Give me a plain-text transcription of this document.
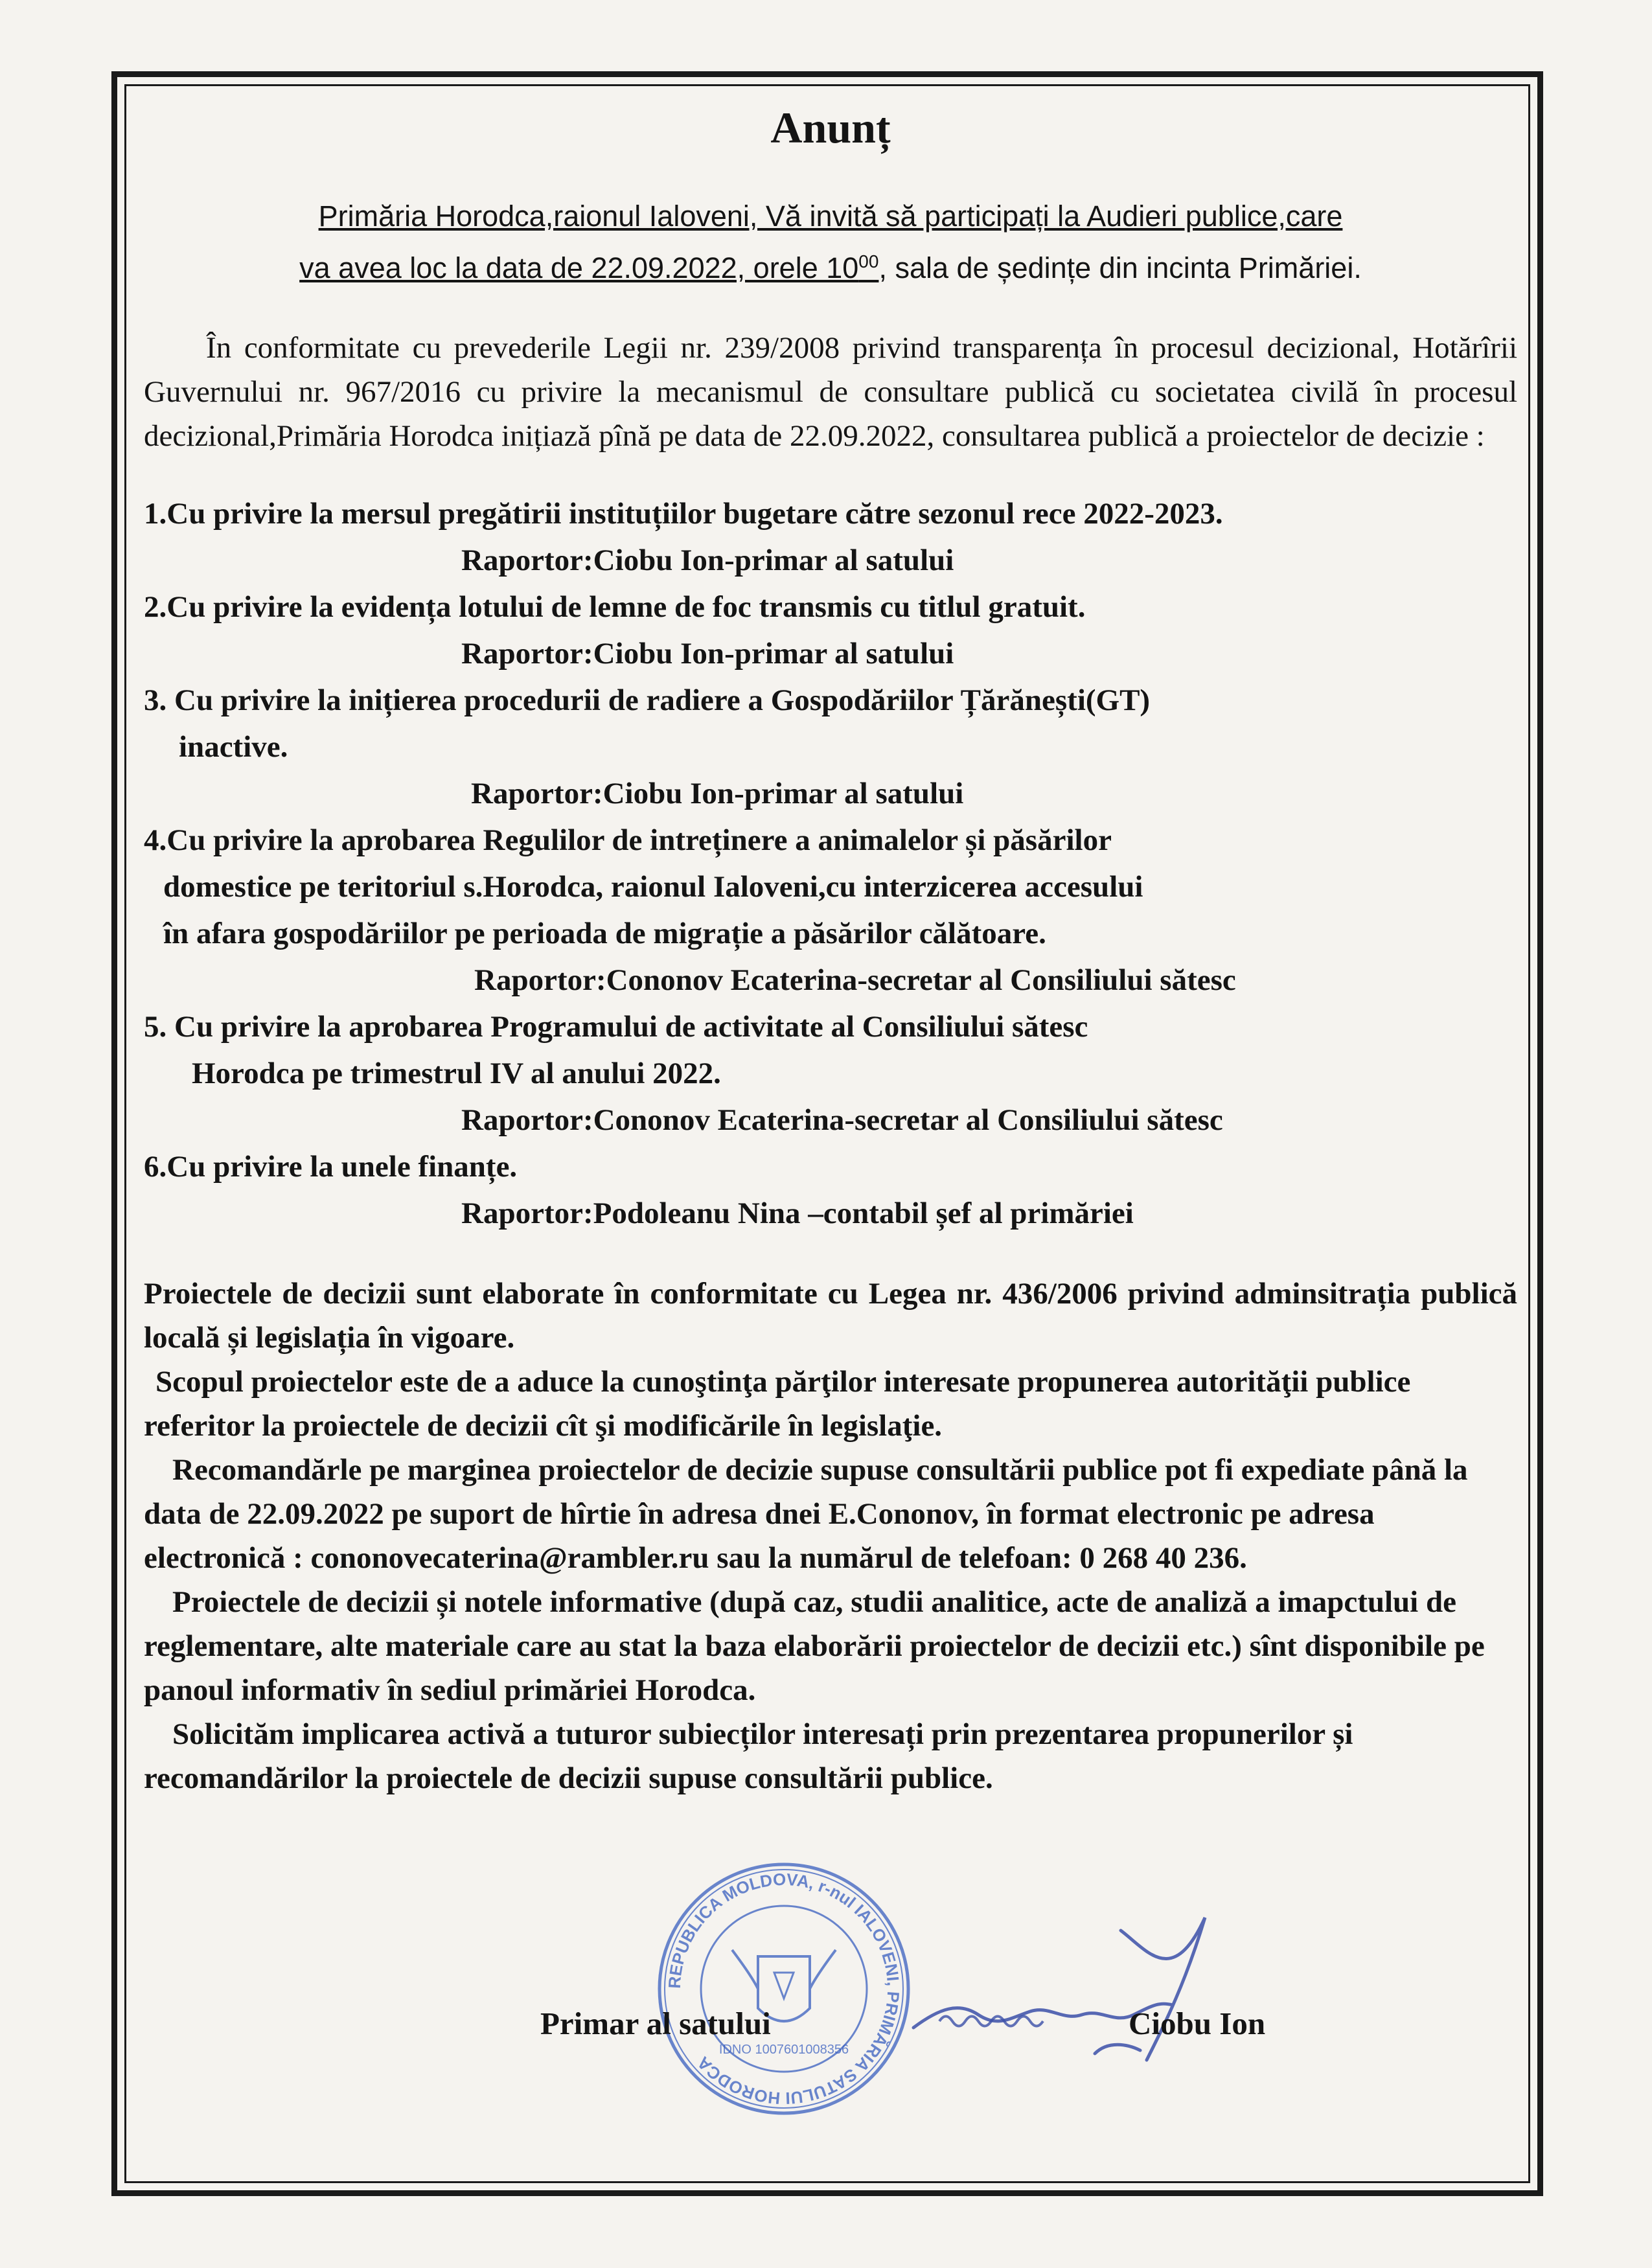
Anunț
Primăria Horodca,raionul Ialoveni, Vă invită să participați la Audieri publice,care
va avea loc la data de 22.09.2022, orele $10^{00}$, sala de ședințe din incinta Primăriei.

În conformitate cu prevederile Legii nr. 239/2008 privind transparența în procesul decizional, Hotărîrii Guvernului nr. 967/2016 cu privire la mecanismul de consultare publică cu societatea civilă în procesul decizional,Primăria Horodca inițiază pînă pe data de 22.09.2022, consultarea publică a proiectelor de decizie :

1.Cu privire la mersul pregătirii instituțiilor bugetare către sezonul rece 2022-2023.

Raportor:Ciobu Ion-primar al satului

2.Cu privire la evidența lotului de lemne de foc transmis cu titlul gratuit.

Raportor:Ciobu Ion-primar al satului

3. Cu privire la inițierea procedurii de radiere a Gospodăriilor Țărănești(GT)
inactive.

Raportor:Ciobu Ion-primar al satului

4.Cu privire la aprobarea Regulilor de intreținere a animalelor și păsărilor
domestice pe teritoriul s.Horodca, raionul Ialoveni,cu interzicerea accesului
în afara gospodăriilor pe perioada de migrație a păsărilor călătoare.

Raportor:Cononov Ecaterina-secretar al Consiliului sătesc

5. Cu privire la aprobarea Programului de activitate al Consiliului sătesc
Horodca pe trimestrul IV al anului 2022.

Raportor:Cononov Ecaterina-secretar al Consiliului sătesc

6.Cu privire la unele finanțe.

Raportor:Podoleanu Nina –contabil șef al primăriei

Proiectele de decizii sunt elaborate în conformitate cu Legea nr. 436/2006 privind adminsitrația publică locală și legislația în vigoare.

Scopul proiectelor este de a aduce la cunoştinţa părţilor interesate propunerea autorităţii publice referitor la proiectele de decizii cît şi modificările în legislaţie.

Recomandărle pe marginea proiectelor de decizie supuse consultării publice pot fi expediate până la data de 22.09.2022 pe suport de hîrtie în adresa dnei E.Cononov, în format electronic pe adresa electronică : cononovecaterina@rambler.ru sau la numărul de telefoan: 0 268 40 236.

Proiectele de decizii și notele informative (după caz, studii analitice, acte de analiză a imapctului de reglementare, alte materiale care au stat la baza elaborării proiectelor de decizii etc.) sînt disponibile pe panoul informativ în sediul primăriei Horodca.

Solicităm implicarea activă a tuturor subiecților interesați prin prezentarea propunerilor și recomandărilor la proiectele de decizii supuse consultării publice.

REPUBLICA MOLDOVA, r-nul IALOVENI, PRIMĂRIA SATULUI HORODCA
IDNO 1007601008356
Primar al satului	Ciobu Ion
